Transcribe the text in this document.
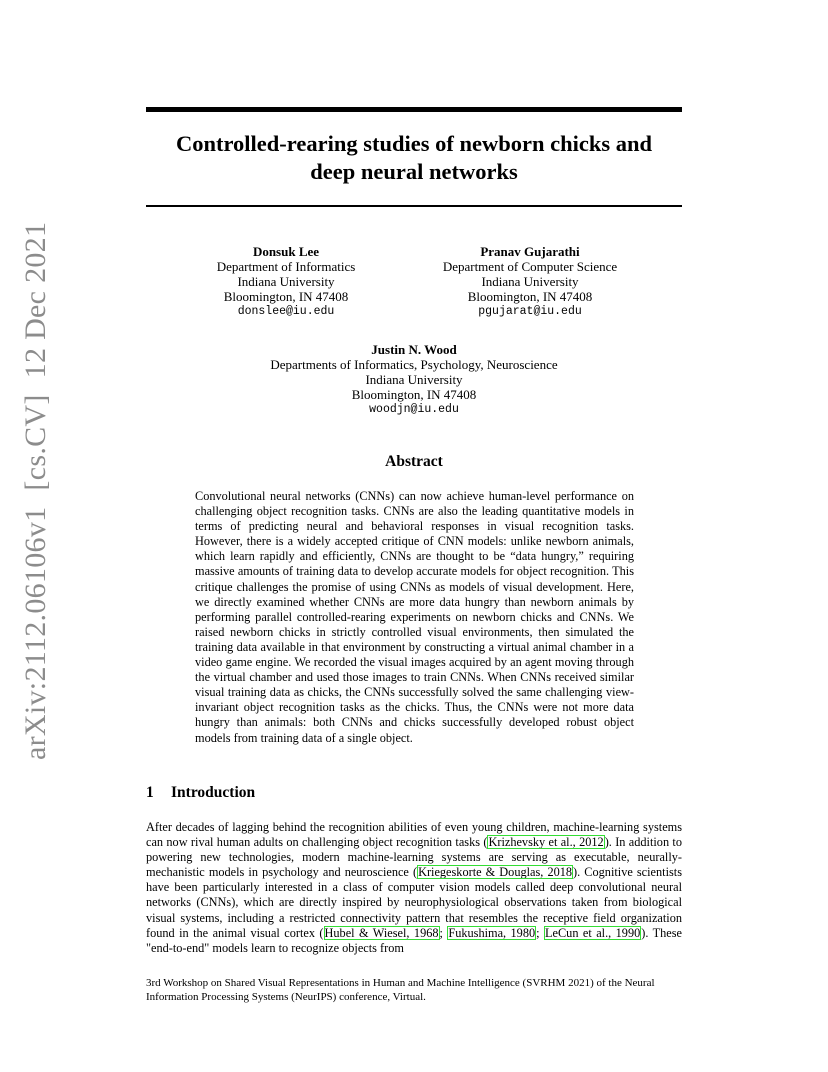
arXiv:2112.06106v1[cs.CV]12 Dec 2021
Controlled-rearing studies of newborn chicks and
deep neural networks
Donsuk Lee
Department of Informatics
Indiana University
Bloomington, IN 47408
donslee@iu.edu
Pranav Gujarathi
Department of Computer Science
Indiana University
Bloomington, IN 47408
pgujarat@iu.edu
Justin N. Wood
Departments of Informatics, Psychology, Neuroscience
Indiana University
Bloomington, IN 47408
woodjn@iu.edu
Abstract
Convolutional neural networks (CNNs) can now achieve human-level performance on challenging object recognition tasks. CNNs are also the leading quantitative models in terms of predicting neural and behavioral responses in visual recognition tasks. However, there is a widely accepted critique of CNN models: unlike newborn animals, which learn rapidly and efficiently, CNNs are thought to be “data hungry,” requiring massive amounts of training data to develop accurate models for object recognition. This critique challenges the promise of using CNNs as models of visual development. Here, we directly examined whether CNNs are more data hungry than newborn animals by performing parallel controlled-rearing experiments on newborn chicks and CNNs. We raised newborn chicks in strictly controlled visual environments, then simulated the training data available in that environment by constructing a virtual animal chamber in a video game engine. We recorded the visual images acquired by an agent moving through the virtual chamber and used those images to train CNNs. When CNNs received similar visual training data as chicks, the CNNs successfully solved the same challenging view-invariant object recognition tasks as the chicks. Thus, the CNNs were not more data hungry than animals: both CNNs and chicks successfully developed robust object models from training data of a single object.
1 Introduction
After decades of lagging behind the recognition abilities of even young children, machine-learning systems can now rival human adults on challenging object recognition tasks (Krizhevsky et al., 2012). In addition to powering new technologies, modern machine-learning systems are serving as executable, neurally-mechanistic models in psychology and neuroscience (Kriegeskorte & Douglas, 2018). Cognitive scientists have been particularly interested in a class of computer vision models called deep convolutional neural networks (CNNs), which are directly inspired by neurophysiological observations taken from biological visual systems, including a restricted connectivity pattern that resembles the receptive field organization found in the animal visual cortex (Hubel & Wiesel, 1968; Fukushima, 1980; LeCun et al., 1990). These "end-to-end" models learn to recognize objects from
3rd Workshop on Shared Visual Representations in Human and Machine Intelligence (SVRHM 2021) of the Neural Information Processing Systems (NeurIPS) conference, Virtual.
